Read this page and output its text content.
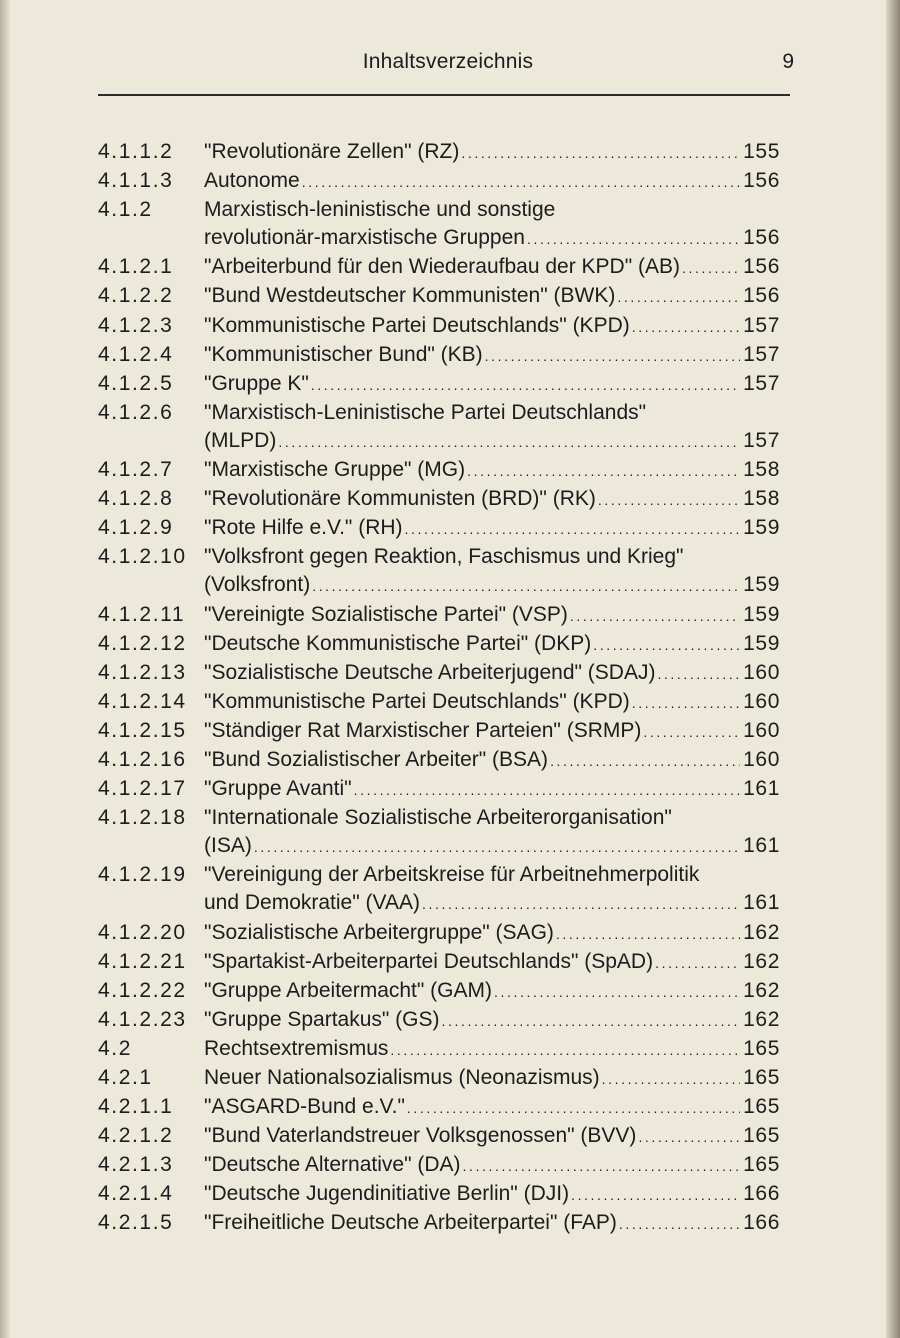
Inhaltsverzeichnis	9
4.1.1.2	"Revolutionäre Zellen" (RZ) .....	155
4.1.1.3	Autonome .....	156
4.1.2	Marxistisch-leninistische und sonstige
revolutionär-marxistische Gruppen .....	156
4.1.2.1	"Arbeiterbund für den Wiederaufbau der KPD" (AB) .....	156
4.1.2.2	"Bund Westdeutscher Kommunisten" (BWK) .....	156
4.1.2.3	"Kommunistische Partei Deutschlands" (KPD) .....	157
4.1.2.4	"Kommunistischer Bund" (KB) .....	157
4.1.2.5	"Gruppe K" .....	157
4.1.2.6	"Marxistisch-Leninistische Partei Deutschlands"
(MLPD) .....	157
4.1.2.7	"Marxistische Gruppe" (MG) .....	158
4.1.2.8	"Revolutionäre Kommunisten (BRD)" (RK) .....	158
4.1.2.9	"Rote Hilfe e.V." (RH) .....	159
4.1.2.10 "Volksfront gegen Reaktion, Faschismus und Krieg"
(Volksfront) .....	159
4.1.2.11 "Vereinigte Sozialistische Partei" (VSP) .....	159
4.1.2.12 "Deutsche Kommunistische Partei" (DKP) .....	159
4.1.2.13 "Sozialistische Deutsche Arbeiterjugend" (SDAJ) .....	160
4.1.2.14 "Kommunistische Partei Deutschlands" (KPD) .....	160
4.1.2.15 "Ständiger Rat Marxistischer Parteien" (SRMP) .....	160
4.1.2.16 "Bund Sozialistischer Arbeiter" (BSA) .....	160
4.1.2.17 "Gruppe Avanti" .....	161
4.1.2.18 "Internationale Sozialistische Arbeiterorganisation"
(ISA) .....	161
4.1.2.19 "Vereinigung der Arbeitskreise für Arbeitnehmerpolitik
und Demokratie" (VAA) .....	161
4.1.2.20 "Sozialistische Arbeitergruppe" (SAG) .....	162
4.1.2.21 "Spartakist-Arbeiterpartei Deutschlands" (SpAD) .....	162
4.1.2.22 "Gruppe Arbeitermacht" (GAM) .....	162
4.1.2.23 "Gruppe Spartakus" (GS) .....	162
4.2	Rechtsextremismus .....	165
4.2.1	Neuer Nationalsozialismus (Neonazismus) .....	165
4.2.1.1	"ASGARD-Bund e.V." .....	165
4.2.1.2	"Bund Vaterlandstreuer Volksgenossen" (BVV) .....	165
4.2.1.3	"Deutsche Alternative" (DA) .....	165
4.2.1.4	"Deutsche Jugendinitiative Berlin" (DJI) .....	166
4.2.1.5	"Freiheitliche Deutsche Arbeiterpartei" (FAP) .....	166
